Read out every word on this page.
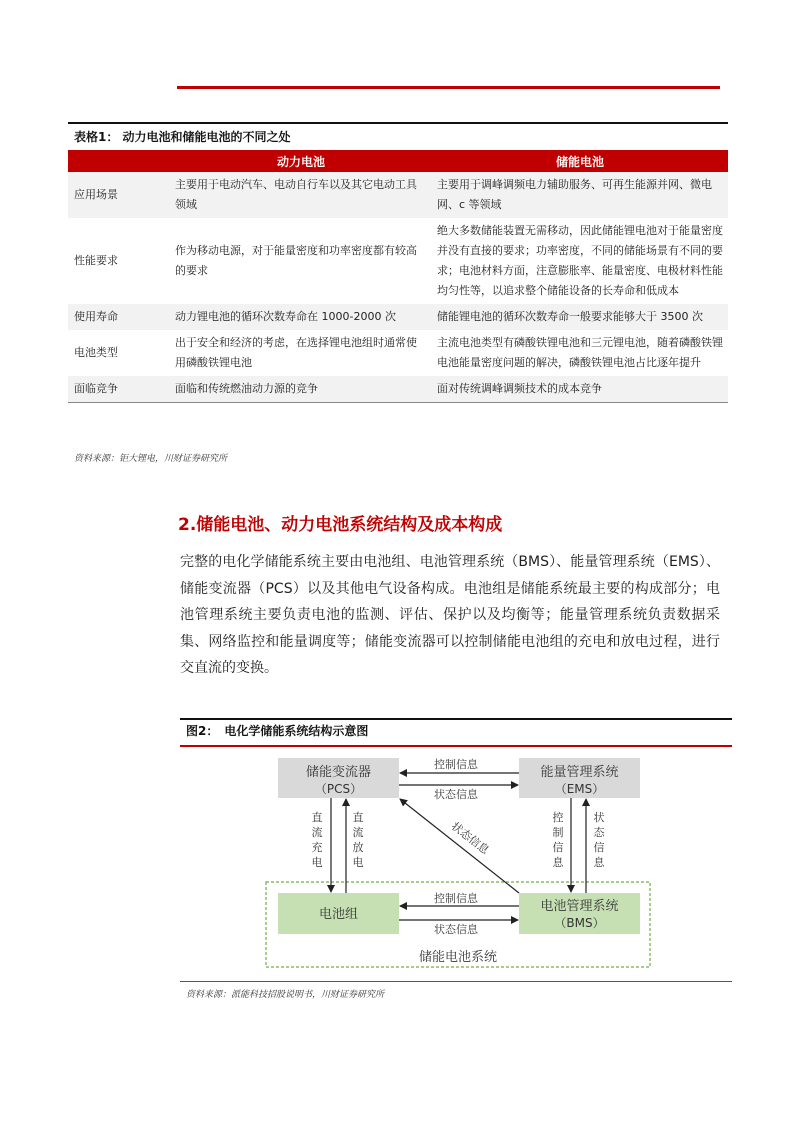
表格1： 动力电池和储能电池的不同之处
	动力电池	储能电池
应用场景	主要用于电动汽车、电动自行车以及其它电动工具领域	主要用于调峰调频电力辅助服务、可再生能源并网、微电网、c 等领域
性能要求	作为移动电源，对于能量密度和功率密度都有较高的要求	绝大多数储能装置无需移动，因此储能锂电池对于能量密度并没有直接的要求；功率密度，不同的储能场景有不同的要求；电池材料方面，注意膨胀率、能量密度、电极材料性能均匀性等，以追求整个储能设备的长寿命和低成本
使用寿命	动力锂电池的循环次数寿命在 1000-2000 次	储能锂电池的循环次数寿命一般要求能够大于 3500 次
电池类型	出于安全和经济的考虑，在选择锂电池组时通常使用磷酸铁锂电池	主流电池类型有磷酸铁锂电池和三元锂电池，随着磷酸铁锂电池能量密度问题的解决，磷酸铁锂电池占比逐年提升
面临竞争	面临和传统燃油动力源的竞争	面对传统调峰调频技术的成本竞争
资料来源：钜大锂电，川财证券研究所
2.储能电池、动力电池系统结构及成本构成
完整的电化学储能系统主要由电池组、电池管理系统（BMS）、能量管理系统（EMS）、储能变流器（PCS）以及其他电气设备构成。电池组是储能系统最主要的构成部分；电池管理系统主要负责电池的监测、评估、保护以及均衡等；能量管理系统负责数据采集、网络监控和能量调度等；储能变流器可以控制储能电池组的充电和放电过程，进行交直流的变换。
图2：　电化学储能系统结构示意图
储能电池系统
储能变流器
（PCS）
能量管理系统
（EMS）
电池组
电池管理系统
（BMS）
控制信息
状态信息
控制信息
状态信息
直流充电
直流放电
控制信息
状态信息
状态信息
资料来源：派能科技招股说明书，川财证券研究所
